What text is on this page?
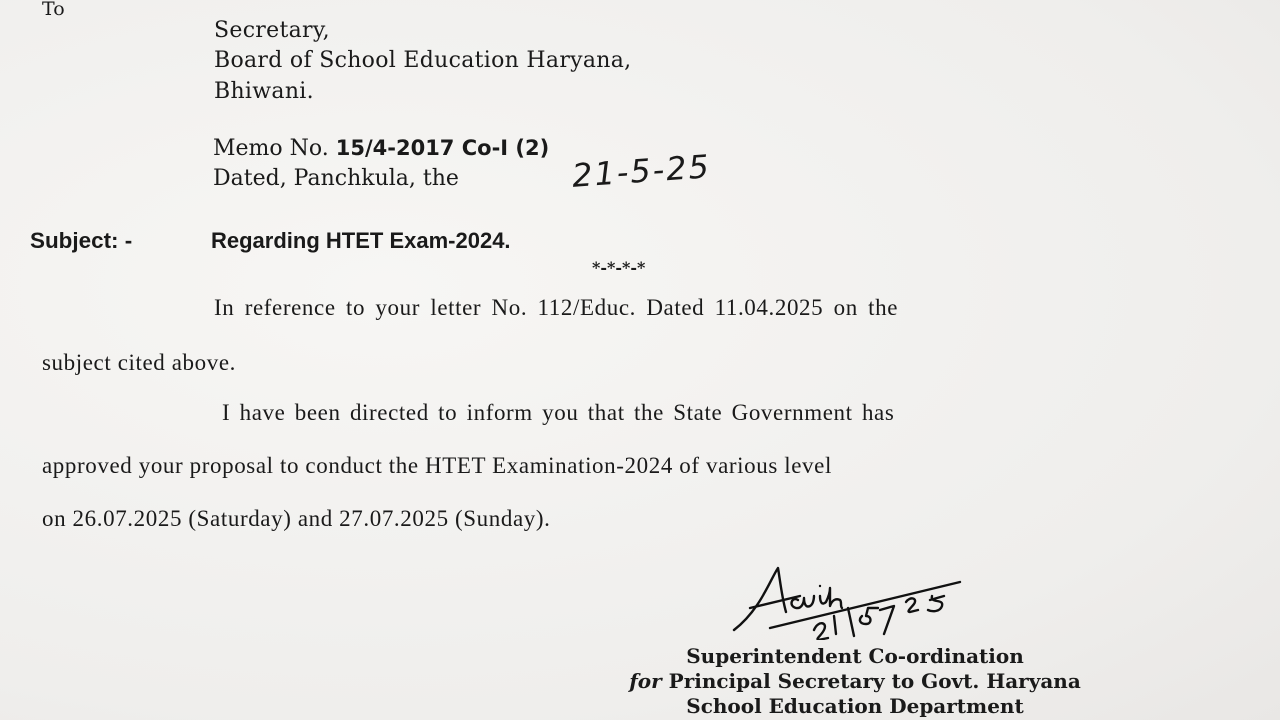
To
Secretary,
Board of School Education Haryana,
Bhiwani.
Memo No. 15/4-2017 Co-I (2)
Dated, Panchkula, the	21-5-25
Subject: -	Regarding HTET Exam-2024.
*-*-*-*
In reference to your letter No. 112/Educ. Dated 11.04.2025 on the
subject cited above.
I have been directed to inform you that the State Government has
approved your proposal to conduct the HTET Examination-2024 of various level
on 26.07.2025 (Saturday) and 27.07.2025 (Sunday).
Superintendent Co-ordination
for Principal Secretary to Govt. Haryana
School Education Department
